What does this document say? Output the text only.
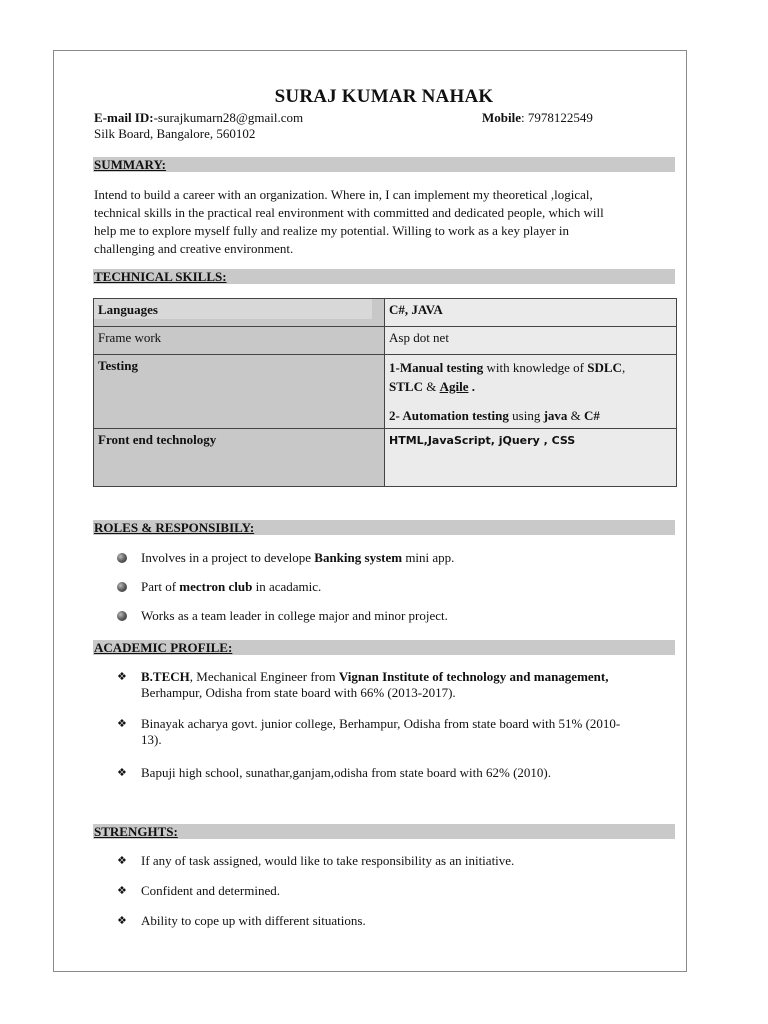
SURAJ KUMAR NAHAK
E-mail ID:-surajkumarn28@gmail.com	Mobile: 7978122549
Silk Board, Bangalore, 560102
SUMMARY:
Intend to build a career with an organization. Where in, I can implement my theoretical ,logical,
technical skills in the practical real environment with committed and dedicated people, which will
help me to explore myself fully and realize my potential. Willing to work as a key player in
challenging and creative environment.
TECHNICAL SKILLS:
Languages	C#, JAVA
Frame work	Asp dot net
Testing	1-Manual testing with knowledge of SDLC,
STLC & Agile .
2- Automation testing using java & C#

Front end technology	HTML,JavaScript, jQuery , CSS
ROLES & RESPONSIBILY:
Involves in a project to develope Banking system mini app.
Part of mectron club in acadamic.
Works as a team leader in college major and minor project.
ACADEMIC PROFILE:
❖ B.TECH, Mechanical Engineer from Vignan Institute of technology and management,
Berhampur, Odisha from state board with 66% (2013-2017).
❖ Binayak acharya govt. junior college, Berhampur, Odisha from state board with 51% (2010-
13).
❖ Bapuji high school, sunathar,ganjam,odisha from state board with 62% (2010).
STRENGHTS:
❖ If any of task assigned, would like to take responsibility as an initiative.
❖ Confident and determined.
❖ Ability to cope up with different situations.
